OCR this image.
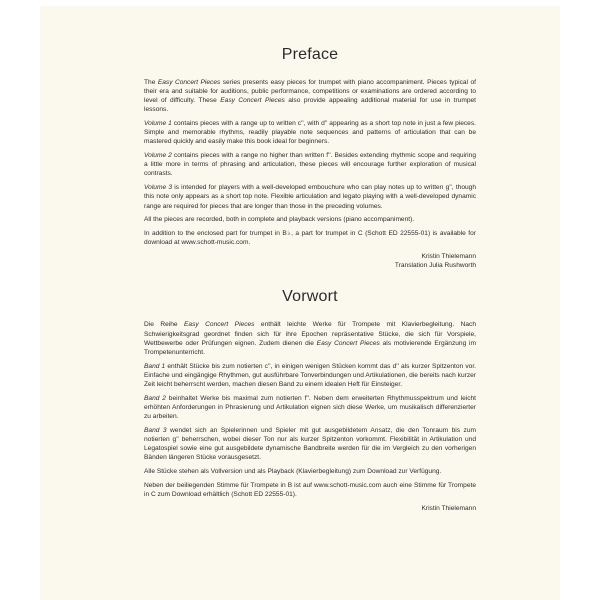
Preface

The Easy Concert Pieces series presents easy pieces for trumpet with piano accompaniment. Pieces typical of their era and suitable for auditions, public performance, competitions or examinations are ordered according to level of difficulty. These Easy Concert Pieces also provide appealing additional material for use in trumpet lessons.

Volume 1 contains pieces with a range up to written c'', with d'' appearing as a short top note in just a few pieces. Simple and memorable rhythms, readily playable note sequences and patterns of articulation that can be mastered quickly and easily make this book ideal for beginners.

Volume 2 contains pieces with a range no higher than written f''. Besides extending rhythmic scope and requiring a little more in terms of phrasing and articulation, these pieces will encourage further exploration of musical contrasts.

Volume 3 is intended for players with a well-developed embouchure who can play notes up to written g'', though this note only appears as a short top note. Flexible articulation and legato playing with a well-developed dynamic range are required for pieces that are longer than those in the preceding volumes.

All the pieces are recorded, both in complete and playback versions (piano accompaniment).

In addition to the enclosed part for trumpet in B♭, a part for trumpet in C (Schott ED 22555-01) is available for download at www.schott-music.com.

Kristin Thielemann
Translation Julia Rushworth
Vorwort

Die Reihe Easy Concert Pieces enthält leichte Werke für Trompete mit Klavierbegleitung. Nach Schwierigkeitsgrad geordnet finden sich für ihre Epochen repräsentative Stücke, die sich für Vorspiele, Wettbewerbe oder Prüfungen eignen. Zudem dienen die Easy Concert Pieces als motivierende Ergänzung im Trompetenunterricht.

Band 1 enthält Stücke bis zum notierten c'', in einigen wenigen Stücken kommt das d'' als kurzer Spitzenton vor. Einfache und eingängige Rhythmen, gut ausführbare Tonverbindungen und Artikulationen, die bereits nach kurzer Zeit leicht beherrscht werden, machen diesen Band zu einem idealen Heft für Einsteiger.

Band 2 beinhaltet Werke bis maximal zum notierten f''. Neben dem erweiterten Rhythmusspektrum und leicht erhöhten Anforderungen in Phrasierung und Artikulation eignen sich diese Werke, um musikalisch differenzierter zu arbeiten.

Band 3 wendet sich an Spielerinnen und Spieler mit gut ausgebildetem Ansatz, die den Tonraum bis zum notierten g'' beherrschen, wobei dieser Ton nur als kurzer Spitzenton vorkommt. Flexibilität in Artikulation und Legatospiel sowie eine gut ausgebildete dynamische Bandbreite werden für die im Vergleich zu den vorherigen Bänden längeren Stücke vorausgesetzt.

Alle Stücke stehen als Vollversion und als Playback (Klavierbegleitung) zum Download zur Verfügung.

Neben der beiliegenden Stimme für Trompete in B ist auf www.schott-music.com auch eine Stimme für Trompete in C zum Download erhältlich (Schott ED 22555-01).

Kristin Thielemann
